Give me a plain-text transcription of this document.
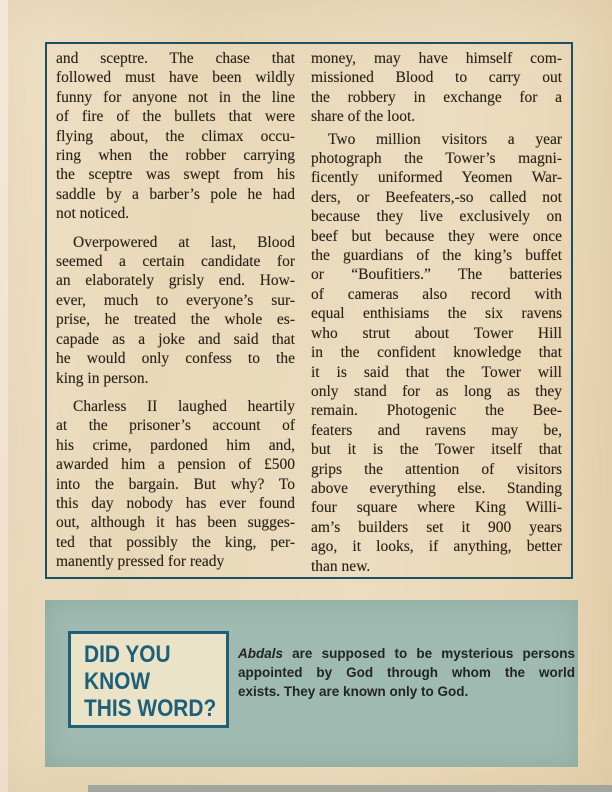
and sceptre. The chase that
followed must have been wildly
funny for anyone not in the line
of fire of the bullets that were
flying about, the climax occu-
ring when the robber carrying
the sceptre was swept from his
saddle by a barber’s pole he had
not noticed.
Overpowered at last, Blood
seemed a certain candidate for
an elaborately grisly end. How-
ever, much to everyone’s sur-
prise, he treated the whole es-
capade as a joke and said that
he would only confess to the
king in person.
Charless II laughed heartily
at the prisoner’s account of
his crime, pardoned him and,
awarded him a pension of £500
into the bargain. But why? To
this day nobody has ever found
out, although it has been sugges-
ted that possibly the king, per-
manently pressed for ready
money, may have himself com-
missioned Blood to carry out
the robbery in exchange for a
share of the loot.
Two million visitors a year
photograph the Tower’s magni-
ficently uniformed Yeomen War-
ders, or Beefeaters,-so called not
because they live exclusively on
beef but because they were once
the guardians of the king’s buffet
or “Boufitiers.” The batteries
of cameras also record with
equal enthisiams the six ravens
who strut about Tower Hill
in the confident knowledge that
it is said that the Tower will
only stand for as long as they
remain. Photogenic the Bee-
featers and ravens may be,
but it is the Tower itself that
grips the attention of visitors
above everything else. Standing
four square where King Willi-
am’s builders set it 900 years
ago, it looks, if anything, better
than new.
DID YOU
KNOW
THIS WORD?
Abdals are supposed to be mysterious persons
appointed by God through whom the world
exists. They are known only to God.
